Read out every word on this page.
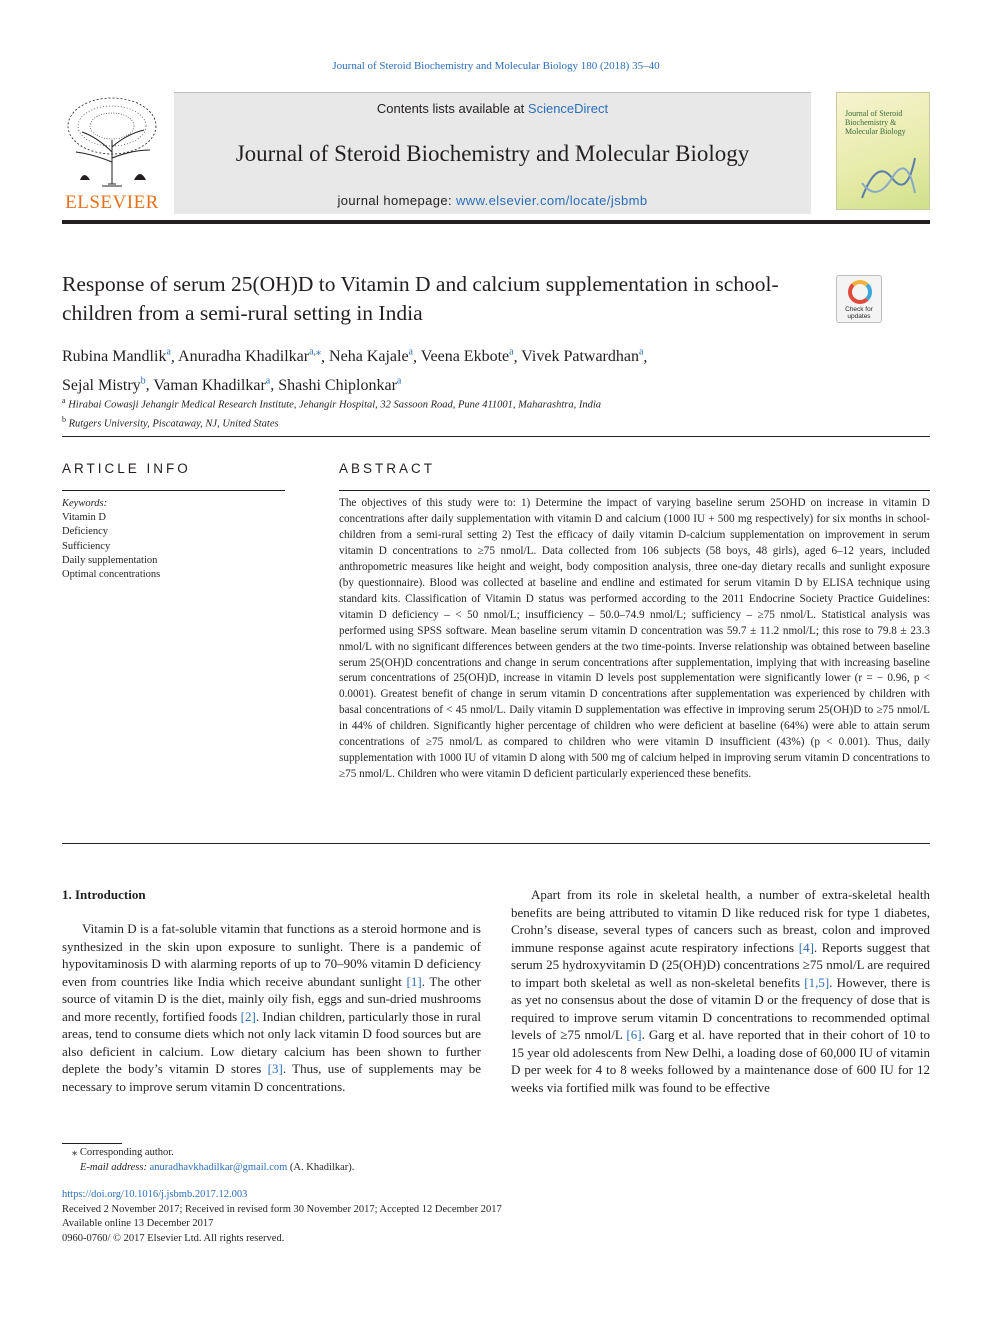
Journal of Steroid Biochemistry and Molecular Biology 180 (2018) 35–40
ELSEVIER
Contents lists available at ScienceDirect
Journal of Steroid Biochemistry and Molecular Biology
journal homepage: www.elsevier.com/locate/jsbmb
Journal of Steroid Biochemistry & Molecular Biology
Response of serum 25(OH)D to Vitamin D and calcium supplementation in school-children from a semi-rural setting in India	Check for updates
Rubina Mandlik$^a$, Anuradha Khadilkar$^{a,⁎}$, Neha Kajale$^a$, Veena Ekbote$^a$, Vivek Patwardhan$^a$,
Sejal Mistry$^b$, Vaman Khadilkar$^a$, Shashi Chiplonkar$^a$
$^a$ Hirabai Cowasji Jehangir Medical Research Institute, Jehangir Hospital, 32 Sassoon Road, Pune 411001, Maharashtra, India
$^b$ Rutgers University, Piscataway, NJ, United States
ARTICLE INFO
Keywords:
Vitamin D
Deficiency
Sufficiency
Daily supplementation
Optimal concentrations
ABSTRACT

The objectives of this study were to: 1) Determine the impact of varying baseline serum 25OHD on increase in vitamin D concentrations after daily supplementation with vitamin D and calcium (1000 IU + 500 mg respectively) for six months in school-children from a semi-rural setting 2) Test the efficacy of daily vitamin D-calcium supplementation on improvement in serum vitamin D concentrations to ≥75 nmol/L. Data collected from 106 subjects (58 boys, 48 girls), aged 6–12 years, included anthropometric measures like height and weight, body composition analysis, three one-day dietary recalls and sunlight exposure (by questionnaire). Blood was collected at baseline and endline and estimated for serum vitamin D by ELISA technique using standard kits. Classification of Vitamin D status was performed according to the 2011 Endocrine Society Practice Guidelines: vitamin D deficiency – < 50 nmol/L; insufficiency – 50.0–74.9 nmol/L; sufficiency – ≥75 nmol/L. Statistical analysis was performed using SPSS software. Mean baseline serum vitamin D concentration was 59.7 ± 11.2 nmol/L; this rose to 79.8 ± 23.3 nmol/L with no significant differences between genders at the two time-points. Inverse relationship was obtained between baseline serum 25(OH)D concentrations and change in serum concentrations after supplementation, implying that with increasing baseline serum concentrations of 25(OH)D, increase in vitamin D levels post supplementation were significantly lower (r = − 0.96, p < 0.0001). Greatest benefit of change in serum vitamin D concentrations after supplementation was experienced by children with basal concentrations of < 45 nmol/L. Daily vitamin D supplementation was effective in improving serum 25(OH)D to ≥75 nmol/L in 44% of children. Significantly higher percentage of children who were deficient at baseline (64%) were able to attain serum concentrations of ≥75 nmol/L as compared to children who were vitamin D insufficient (43%) (p < 0.001). Thus, daily supplementation with 1000 IU of vitamin D along with 500 mg of calcium helped in improving serum vitamin D concentrations to ≥75 nmol/L. Children who were vitamin D deficient particularly experienced these benefits.

1. Introduction

Vitamin D is a fat-soluble vitamin that functions as a steroid hormone and is synthesized in the skin upon exposure to sunlight. There is a pandemic of hypovitaminosis D with alarming reports of up to 70–90% vitamin D deficiency even from countries like India which receive abundant sunlight [1]. The other source of vitamin D is the diet, mainly oily fish, eggs and sun-dried mushrooms and more recently, fortified foods [2]. Indian children, particularly those in rural areas, tend to consume diets which not only lack vitamin D food sources but are also deficient in calcium. Low dietary calcium has been shown to further deplete the body’s vitamin D stores [3]. Thus, use of supplements may be necessary to improve serum vitamin D concentrations.

Apart from its role in skeletal health, a number of extra-skeletal health benefits are being attributed to vitamin D like reduced risk for type 1 diabetes, Crohn’s disease, several types of cancers such as breast, colon and improved immune response against acute respiratory infections [4]. Reports suggest that serum 25 hydroxyvitamin D (25(OH)D) concentrations ≥75 nmol/L are required to impart both skeletal as well as non-skeletal benefits [1,5]. However, there is as yet no consensus about the dose of vitamin D or the frequency of dose that is required to improve serum vitamin D concentrations to recommended optimal levels of ≥75 nmol/L [6]. Garg et al. have reported that in their cohort of 10 to 15 year old adolescents from New Delhi, a loading dose of 60,000 IU of vitamin D per week for 4 to 8 weeks followed by a maintenance dose of 600 IU for 12 weeks via fortified milk was found to be effective

⁎ Corresponding author.
E-mail address: anuradhavkhadilkar@gmail.com (A. Khadilkar).
https://doi.org/10.1016/j.jsbmb.2017.12.003
Received 2 November 2017; Received in revised form 30 November 2017; Accepted 12 December 2017
Available online 13 December 2017
0960-0760/ © 2017 Elsevier Ltd. All rights reserved.
